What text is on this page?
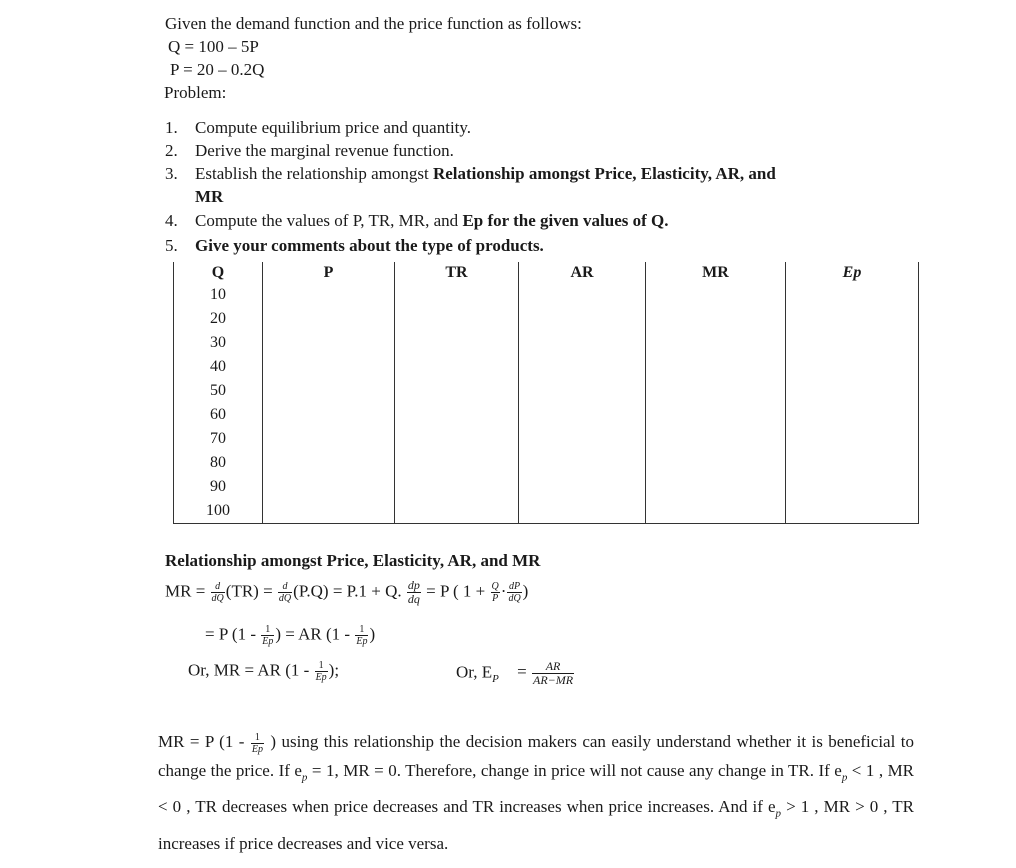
Given the demand function and the price function as follows:
Q = 100 – 5P
P = 20 – 0.2Q
Problem:
1. Compute equilibrium price and quantity.
2. Derive the marginal revenue function.
3. Establish the relationship amongst Relationship amongst Price, Elasticity, AR, and
MR
4. Compute the values of P, TR, MR, and Ep for the given values of Q.
5. Give your comments about the type of products.
Q	P	TR	AR	MR	Ep
10					
20					
30					
40					
50					
60					
70					
80					
90					
100					
Relationship amongst Price, Elasticity, AR, and MR
MR = $\frac{d}{dQ} (TR) = \frac{d}{dQ} (P.Q) = P.1 + Q$. $\frac{dp}{dq} = P$ ( $1 + \frac{Q}{P} \cdot \frac{dP}{dQ}$ )
= P ($1 - \frac{1}{Ep}$ ) = AR ($1 - \frac{1}{Ep}$ )
Or, MR = AR ($1 - \frac{1}{Ep}$ );	Or, $E_P = \frac{AR}{AR-MR}$
MR = P ($1 - \frac{1}{Ep}$ ) using this relationship the decision makers can easily understand whether it is beneficial to change the price. If $e_p = 1$, MR = 0. Therefore, change in price will not cause any change in TR. If $e_p < 1$ , MR < 0 , TR decreases when price decreases and TR increases when price increases. And if $e_p > 1$ , MR > 0 , TR increases if price decreases and vice versa.
